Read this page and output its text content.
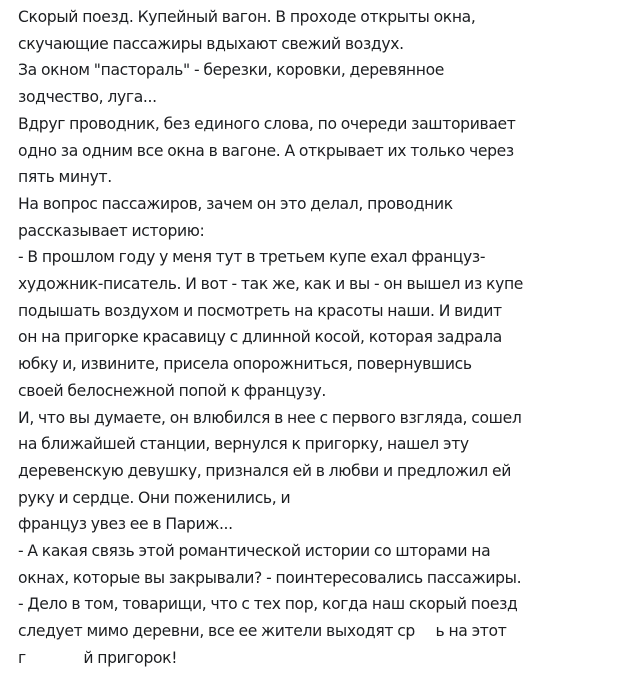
Скорый поезд. Купейный вагон. В проходе открыты окна,
скучающие пассажиры вдыхают свежий воздух.
За окном "пастораль" - березки, коровки, деревянное
зодчество, луга...
Вдруг проводник, без единого слова, по очереди зашторивает
одно за одним все окна в вагоне. А открывает их только через
пять минут.
На вопрос пассажиров, зачем он это делал, проводник
рассказывает историю:
- В прошлом году у меня тут в третьем купе ехал француз-
художник-писатель. И вот - так же, как и вы - он вышел из купе
подышать воздухом и посмотреть на красоты наши. И видит
он на пригорке красавицу с длинной косой, которая задрала
юбку и, извините, присела опорожниться, повернувшись
своей белоснежной попой к французу.
И, что вы думаете, он влюбился в нее с первого взгляда, сошел
на ближайшей станции, вернулся к пригорку, нашел эту
деревенскую девушку, признался ей в любви и предложил ей
руку и сердце. Они поженились, и
француз увез ее в Париж...
- А какая связь этой романтической истории со шторами на
окнах, которые вы закрывали? - поинтересовались пассажиры.
- Дело в том, товарищи, что с тех пор, когда наш скорый поезд
следует мимо деревни, все ее жители выходят ср     ь на этот
г              й пригорок!
